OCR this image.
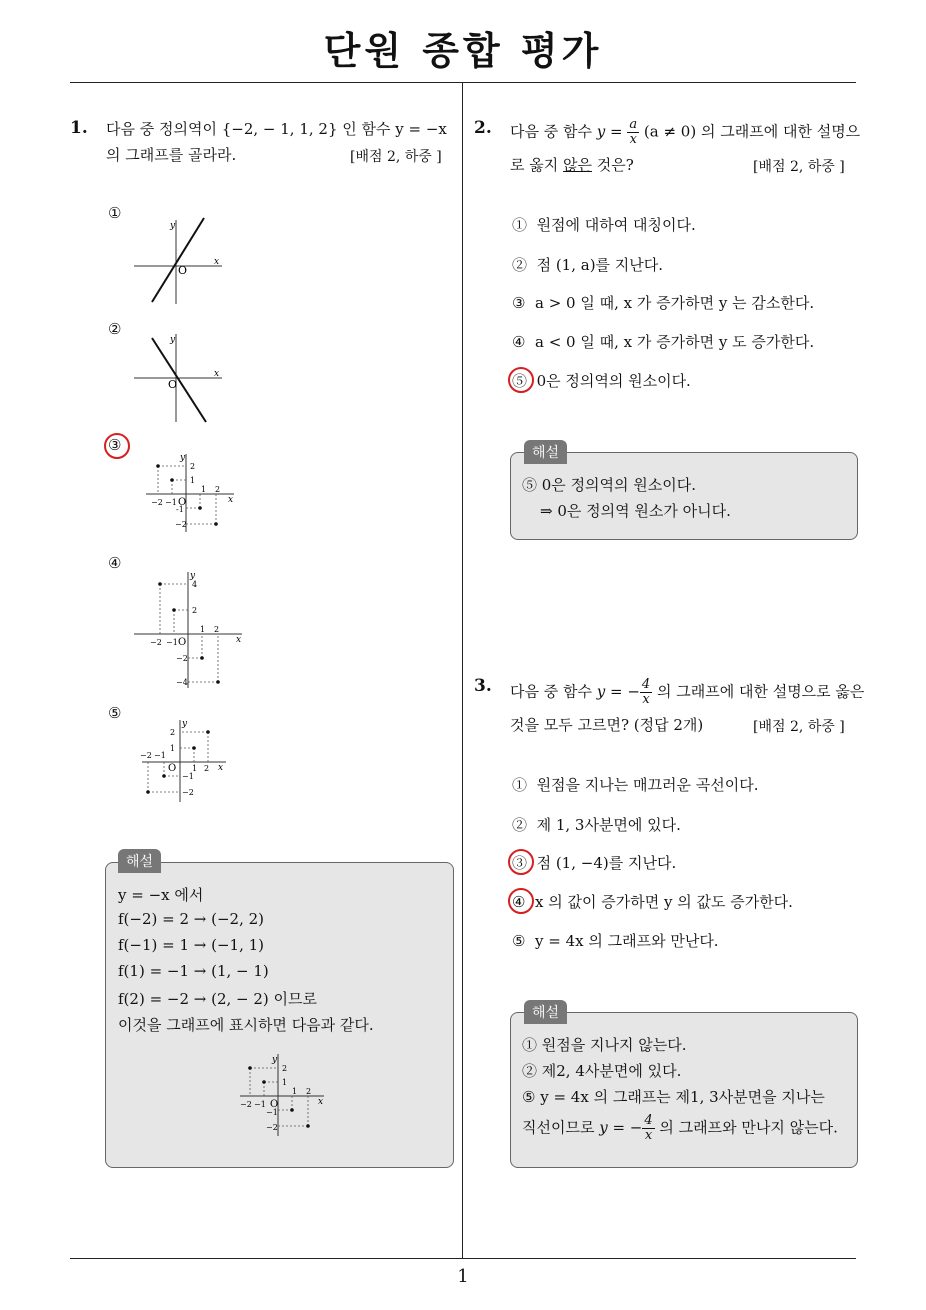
단원 종합 평가
1
1. 다음 중 정의역이 {−2, − 1, 1, 2} 인 함수 y = −x
의 그래프를 골라라.	[배점 2, 하중 ]
①
②
③
④
⑤
y
x
O
y
x
O
y
x
O
2
1
1 2
−2 −1
-1
−2
y
x
O
4
2
1 2
−2 −1
−2
−4
y
x
O
2
1
1 2
−2 −1
−1
−2
해설
y = −x 에서
f(−2) = 2 → (−2, 2)
f(−1) = 1 → (−1, 1)
f(1) = −1 → (1, − 1)
f(2) = −2 → (2, − 2) 이므로
이것을 그래프에 표시하면 다음과 같다.
y
x
O
2
1
1 2
−2 −1
−1
−2
2. 다음 중 함수 $y = \frac{a}{x} (a \ne 0)$ 의 그래프에 대한 설명으
로 옳지 않은 것은?	[배점 2, 하중 ]
① 원점에 대하여 대칭이다.
② 점 (1, a)를 지난다.
③ a > 0 일 때, x 가 증가하면 y 는 감소한다.
④ a < 0 일 때, x 가 증가하면 y 도 증가한다.
⑤ 0은 정의역의 원소이다.
해설
⑤ 0은 정의역의 원소이다.
⇒ 0은 정의역 원소가 아니다.
3. 다음 중 함수 y = − $\frac{4}{x}$ 의 그래프에 대한 설명으로 옳은
것을 모두 고르면? (정답 2개)	[배점 2, 하중 ]
① 원점을 지나는 매끄러운 곡선이다.
② 제 1, 3사분면에 있다.
③ 점 (1, −4)를 지난다.
④ x 의 값이 증가하면 y 의 값도 증가한다.
⑤ y = 4x 의 그래프와 만난다.
해설
① 원점을 지나지 않는다.
② 제2, 4사분면에 있다.
⑤ y = 4x 의 그래프는 제1, 3사분면을 지나는
직선이므로 y = − $\frac{4}{x}$ 의 그래프와 만나지 않는다.
